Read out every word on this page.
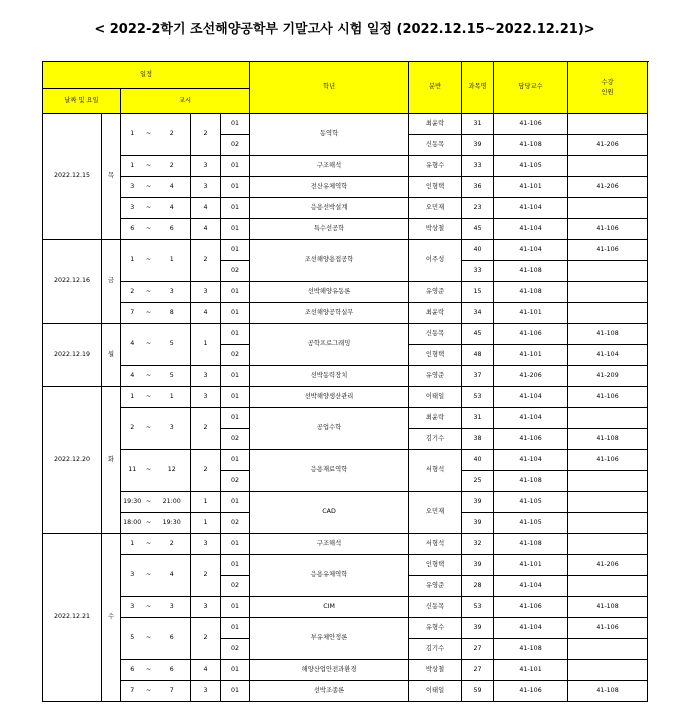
< 2022-2학기 조선해양공학부 기말고사 시험 일정 (2022.12.15~2022.12.21)>
일정							학년	분반	과목명	담당교수	수강
인원	
날짜 및 요일		교시		
2022.12.15	목	1	~	2	2	01	동역학	최윤락	31	41-106		
						02		신동목	39	41-108	41-206	
		1	~	2	3	01	구조해석	유형수	33	41-105		
		3	~	4	3	01	전산유체역학	인형택	36	41-101	41-206	
		3	~	4	4	01	응용선박설계	오민재	23	41-104		
		6	~	6	4	01	특수선공학	박상철	45	41-104	41-106	
2022.12.16	금	1	~	1	2	01	조선해양용접공학	이주성	40	41-104	41-106	
						02			33	41-108		
		2	~	3	3	01	선박해양유동론	유영준	15	41-108		
		7	~	8	4	01	조선해양공학실무	최윤락	34	41-101		
2022.12.19	월	4	~	5	1	01	공학프로그래밍	신동목	45	41-106	41-108	
						02		인형택	48	41-101	41-104	
		4	~	5	3	01	선박동력장치	유영준	37	41-206	41-209	
2022.12.20	화	1	~	1	3	01	선박해양생산관리	이태일	53	41-104	41-106	
		2	~	3	2	01	공업수학	최윤락	31	41-104		
						02		김기수	38	41-106	41-108	
		11	~	12	2	01	응용재료역학	서형석	40	41-104	41-106	
						02			25	41-108		
		19:30	~	21:00	1	01	CAD	오민재	39	41-105		
		18:00	~	19:30	1	02			39	41-105		
2022.12.21	수	1	~	2	3	01	구조해석	서형석	32	41-108		
		3	~	4	2	01	응용유체역학	인형택	39	41-101	41-206	
						02		유영준	28	41-104		
		3	~	3	3	01	CIM	신동목	53	41-106	41-108	
		5	~	6	2	01	부유체안정론	유형수	39	41-104	41-106	
						02		김기수	27	41-108		
		6	~	6	4	01	해양산업안전과환경	박상철	27	41-101		
		7	~	7	3	01	선박조종론	이태일	59	41-106	41-108	
